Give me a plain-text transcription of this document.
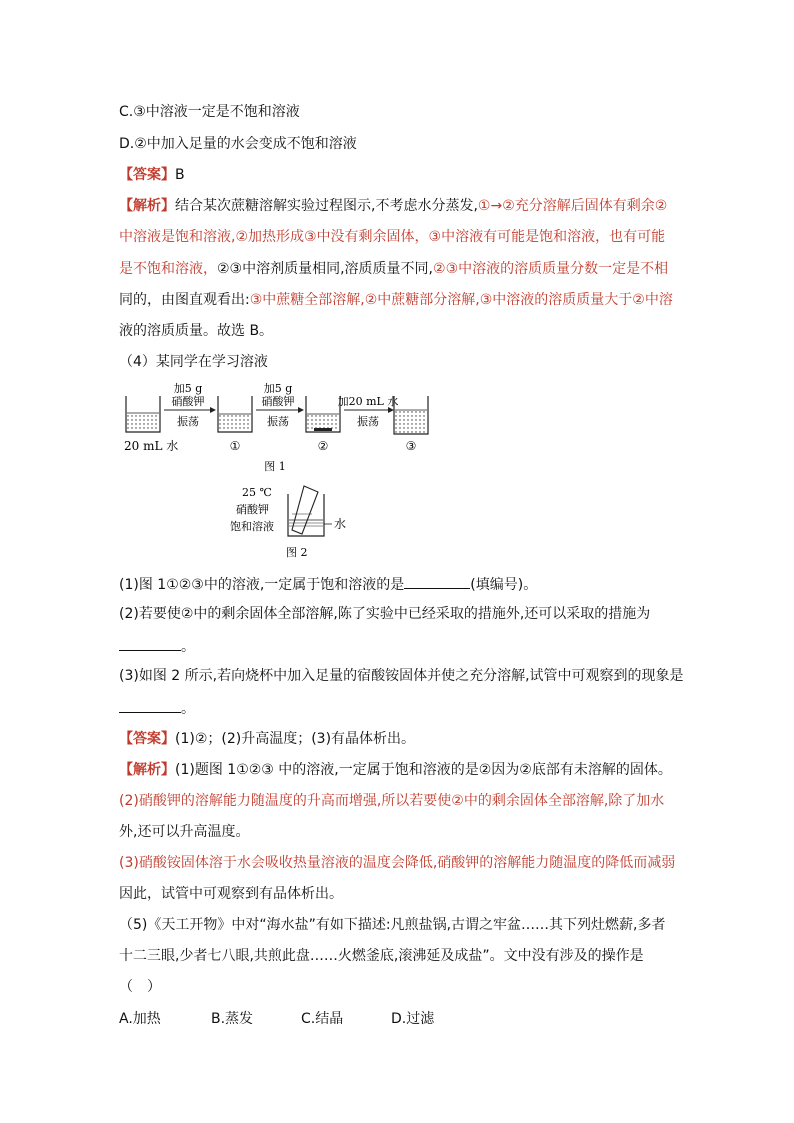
C.③中溶液一定是不饱和溶液
D.②中加入足量的水会变成不饱和溶液
【答案】B
【解析】结合某次蔗糖溶解实验过程图示,不考虑水分蒸发,①→②充分溶解后固体有剩余②
中溶液是饱和溶液,②加热形成③中没有剩余固体，③中溶液有可能是饱和溶液，也有可能
是不饱和溶液，②③中溶剂质量相同,溶质质量不同,②③中溶液的溶质质量分数一定是不相
同的，由图直观看出:③中蔗糖全部溶解,②中蔗糖部分溶解,③中溶液的溶质质量大于②中溶
液的溶质质量。故选 B。
（4）某同学在学习溶液
加5 g
硝酸钾
振荡
加5 g
硝酸钾
振荡
加20 mL 水
振荡
20 mL 水	①	②	③
图 1
25 ℃
硝酸钾
饱和溶液	水
图 2
(1)图 1①②③中的溶液,一定属于饱和溶液的是	(填编号)。
(2)若要使②中的剩余固体全部溶解,陈了实验中已经采取的措施外,还可以采取的措施为
。
(3)如图 2 所示,若向烧杯中加入足量的宿酸铵固体并使之充分溶解,试管中可观察到的现象是
。
【答案】(1)②；(2)升高温度；(3)有晶体析出。
【解析】(1)题图 1①②③ 中的溶液,一定属于饱和溶液的是②因为②底部有未溶解的固体。
(2)硝酸钾的溶解能力随温度的升高而增强,所以若要使②中的剩余固体全部溶解,除了加水
外,还可以升高温度。
(3)硝酸铵固体溶于水会吸收热量溶液的温度会降低,硝酸钾的溶解能力随温度的降低而减弱
因此，试管中可观察到有品体析出。
（5)《天工开物》中对“海水盐”有如下描述:凡煎盐锅,古谓之牢盆……其下列灶燃薪,多者
十二三眼,少者七八眼,共煎此盘……火燃釜底,滚沸延及成盐”。文中没有涉及的操作是
（　）
A.加热	B.蒸发	C.结晶	D.过滤
